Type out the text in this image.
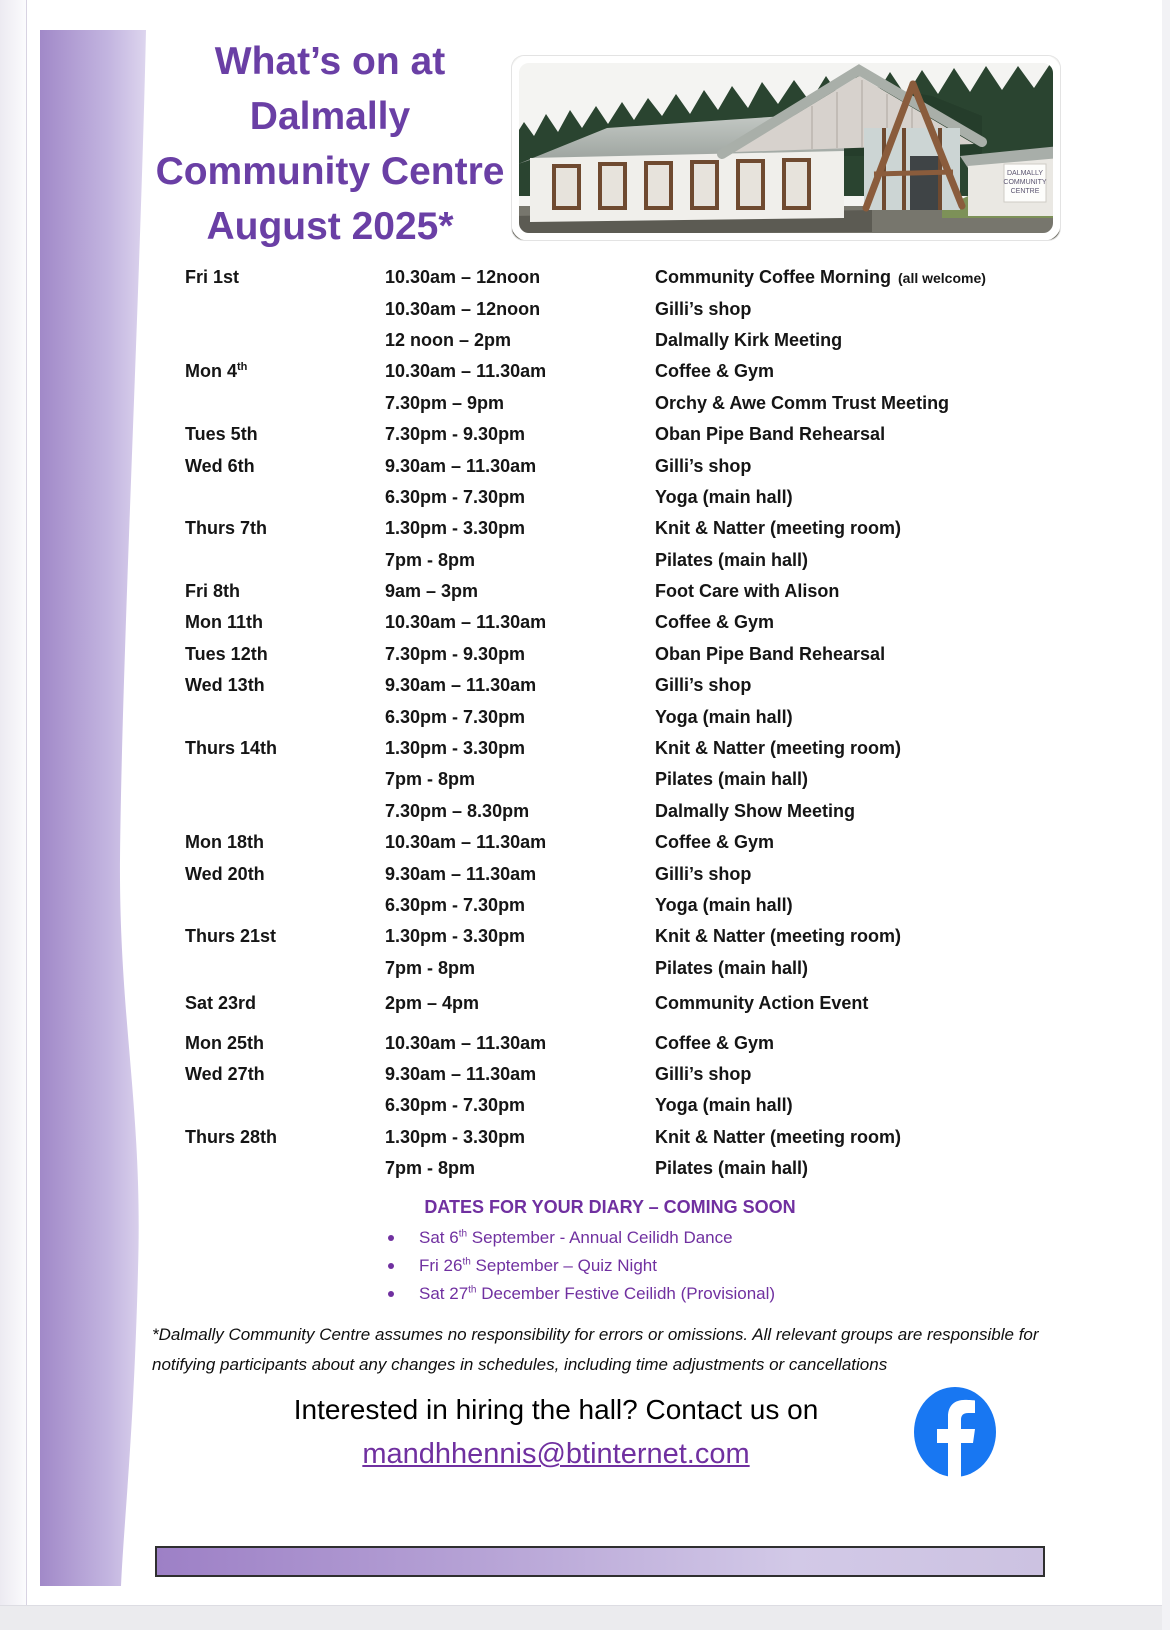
What’s on at
Dalmally
Community Centre
August 2025*
DALMALLY
COMMUNITY
CENTRE
Fri 1st	10.30am – 12noon	Community Coffee Morning (all welcome)
10.30am – 12noon	Gilli’s shop
12 noon – 2pm	Dalmally Kirk Meeting
Mon 4th	10.30am – 11.30am	Coffee & Gym
7.30pm – 9pm	Orchy & Awe Comm Trust Meeting
Tues 5th	7.30pm - 9.30pm	Oban Pipe Band Rehearsal
Wed 6th	9.30am – 11.30am	Gilli’s shop
6.30pm - 7.30pm	Yoga (main hall)
Thurs 7th	1.30pm - 3.30pm	Knit & Natter (meeting room)
7pm - 8pm	Pilates (main hall)
Fri 8th	9am – 3pm	Foot Care with Alison
Mon 11th	10.30am – 11.30am	Coffee & Gym
Tues 12th	7.30pm - 9.30pm	Oban Pipe Band Rehearsal
Wed 13th	9.30am – 11.30am	Gilli’s shop
6.30pm - 7.30pm	Yoga (main hall)
Thurs 14th	1.30pm - 3.30pm	Knit & Natter (meeting room)
7pm - 8pm	Pilates (main hall)
7.30pm – 8.30pm	Dalmally Show Meeting
Mon 18th	10.30am – 11.30am	Coffee & Gym
Wed 20th	9.30am – 11.30am	Gilli’s shop
6.30pm - 7.30pm	Yoga (main hall)
Thurs 21st	1.30pm - 3.30pm	Knit & Natter (meeting room)
7pm - 8pm	Pilates (main hall)
Sat 23rd	2pm – 4pm	Community Action Event
Mon 25th	10.30am – 11.30am	Coffee & Gym
Wed 27th	9.30am – 11.30am	Gilli’s shop
6.30pm - 7.30pm	Yoga (main hall)
Thurs 28th	1.30pm - 3.30pm	Knit & Natter (meeting room)
7pm - 8pm	Pilates (main hall)
DATES FOR YOUR DIARY – COMING SOON
Sat 6th September - Annual Ceilidh Dance
Fri 26th September – Quiz Night
Sat 27th December Festive Ceilidh (Provisional)
*Dalmally Community Centre assumes no responsibility for errors or omissions. All relevant groups are responsible for notifying participants about any changes in schedules, including time adjustments or cancellations
Interested in hiring the hall? Contact us on
mandhhennis@btinternet.com
